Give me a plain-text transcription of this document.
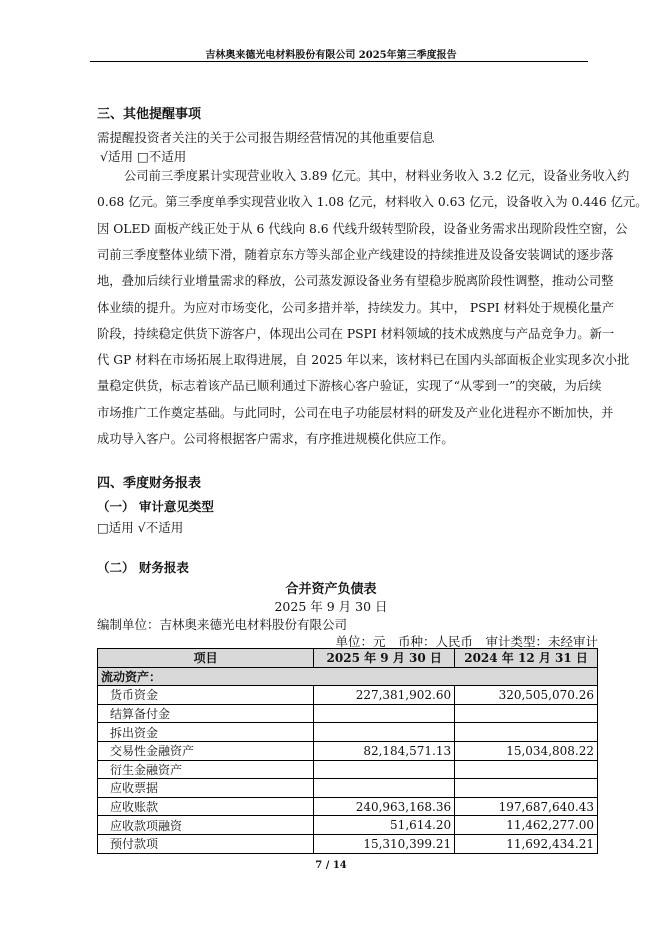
吉林奥来德光电材料股份有限公司 2025年第三季度报告
三、其他提醒事项
需提醒投资者关注的关于公司报告期经营情况的其他重要信息
√适用 □不适用
公司前三季度累计实现营业收入 3.89 亿元。其中，材料业务收入 3.2 亿元，设备业务收入约
0.68 亿元。第三季度单季实现营业收入 1.08 亿元，材料收入 0.63 亿元，设备收入为 0.446 亿元。
因 OLED 面板产线正处于从 6 代线向 8.6 代线升级转型阶段，设备业务需求出现阶段性空窗，公
司前三季度整体业绩下滑，随着京东方等头部企业产线建设的持续推进及设备安装调试的逐步落
地，叠加后续行业增量需求的释放，公司蒸发源设备业务有望稳步脱离阶段性调整，推动公司整
体业绩的提升。为应对市场变化，公司多措并举，持续发力。其中， PSPI 材料处于规模化量产
阶段，持续稳定供货下游客户，体现出公司在 PSPI 材料领域的技术成熟度与产品竞争力。新一
代 GP 材料在市场拓展上取得进展，自 2025 年以来，该材料已在国内头部面板企业实现多次小批
量稳定供货，标志着该产品已顺利通过下游核心客户验证，实现了“从零到一”的突破，为后续
市场推广工作奠定基础。与此同时，公司在电子功能层材料的研发及产业化进程亦不断加快，并
成功导入客户。公司将根据客户需求，有序推进规模化供应工作。
四、季度财务报表
（一） 审计意见类型
□适用 √不适用
（二） 财务报表
合并资产负债表
2025 年 9 月 30 日
编制单位：吉林奥来德光电材料股份有限公司
单位：元　币种：人民币　审计类型：未经审计
项目	2025 年 9 月 30 日	2024 年 12 月 31 日
流动资产：		
货币资金	227,381,902.60	320,505,070.26
结算备付金		
拆出资金		
交易性金融资产	82,184,571.13	15,034,808.22
衍生金融资产		
应收票据		
应收账款	240,963,168.36	197,687,640.43
应收款项融资	51,614.20	11,462,277.00
预付款项	15,310,399.21	11,692,434.21
7 / 14
